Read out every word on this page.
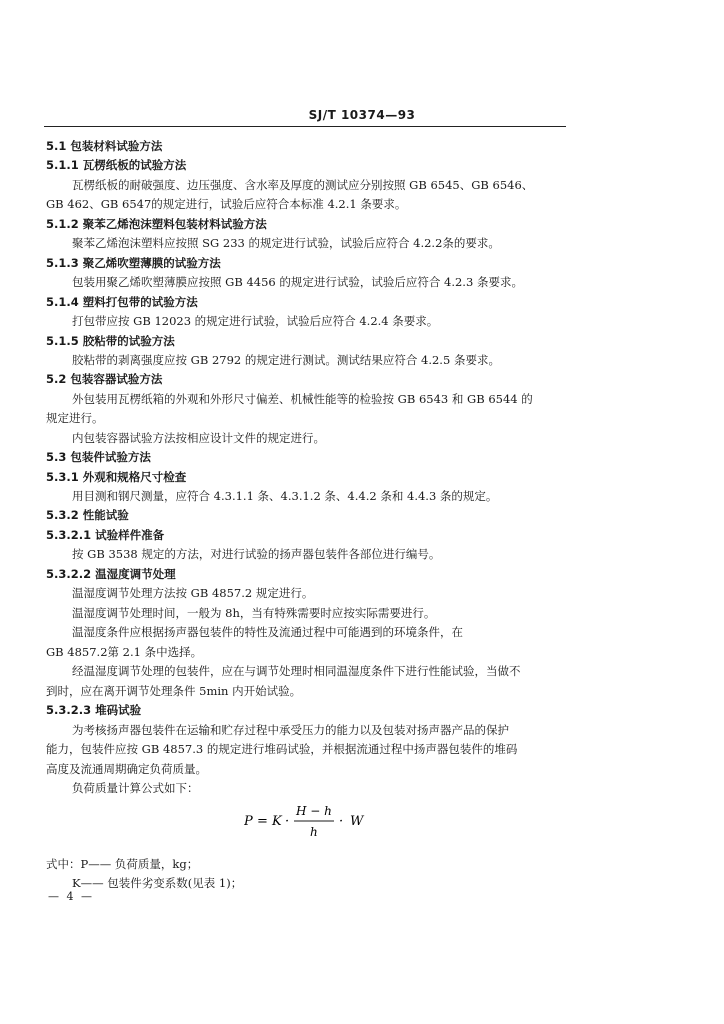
SJ/T 10374—93
5.1 包装材料试验方法
5.1.1 瓦楞纸板的试验方法
瓦楞纸板的耐破强度、边压强度、含水率及厚度的测试应分别按照 GB 6545、GB 6546、
GB 462、GB 6547的规定进行，试验后应符合本标准 4.2.1 条要求。
5.1.2 聚苯乙烯泡沫塑料包装材料试验方法
聚苯乙烯泡沫塑料应按照 SG 233 的规定进行试验，试验后应符合 4.2.2条的要求。
5.1.3 聚乙烯吹塑薄膜的试验方法
包装用聚乙烯吹塑薄膜应按照 GB 4456 的规定进行试验，试验后应符合 4.2.3 条要求。
5.1.4 塑料打包带的试验方法
打包带应按 GB 12023 的规定进行试验，试验后应符合 4.2.4 条要求。
5.1.5 胶粘带的试验方法
胶粘带的剥离强度应按 GB 2792 的规定进行测试。测试结果应符合 4.2.5 条要求。
5.2 包装容器试验方法
外包装用瓦楞纸箱的外观和外形尺寸偏差、机械性能等的检验按 GB 6543 和 GB 6544 的
规定进行。
内包装容器试验方法按相应设计文件的规定进行。
5.3 包装件试验方法
5.3.1 外观和规格尺寸检查
用目测和钢尺测量，应符合 4.3.1.1 条、4.3.1.2 条、4.4.2 条和 4.4.3 条的规定。
5.3.2 性能试验
5.3.2.1 试验样件准备
按 GB 3538 规定的方法，对进行试验的扬声器包装件各部位进行编号。
5.3.2.2 温湿度调节处理
温湿度调节处理方法按 GB 4857.2 规定进行。
温湿度调节处理时间，一般为 8h，当有特殊需要时应按实际需要进行。
温湿度条件应根据扬声器包装件的特性及流通过程中可能遇到的环境条件，在
GB 4857.2第 2.1 条中选择。
经温湿度调节处理的包装件，应在与调节处理时相同温湿度条件下进行性能试验，当做不
到时，应在离开调节处理条件 5min 内开始试验。
5.3.2.3 堆码试验
为考核扬声器包装件在运输和贮存过程中承受压力的能力以及包装对扬声器产品的保护
能力，包装件应按 GB 4857.3 的规定进行堆码试验，并根据流通过程中扬声器包装件的堆码
高度及流通周期确定负荷质量。
负荷质量计算公式如下：
P = K ·
H − h
h
· W
式中：P—— 负荷质量，kg；
K—— 包装件劣变系数(见表 1)；
— 4 —
